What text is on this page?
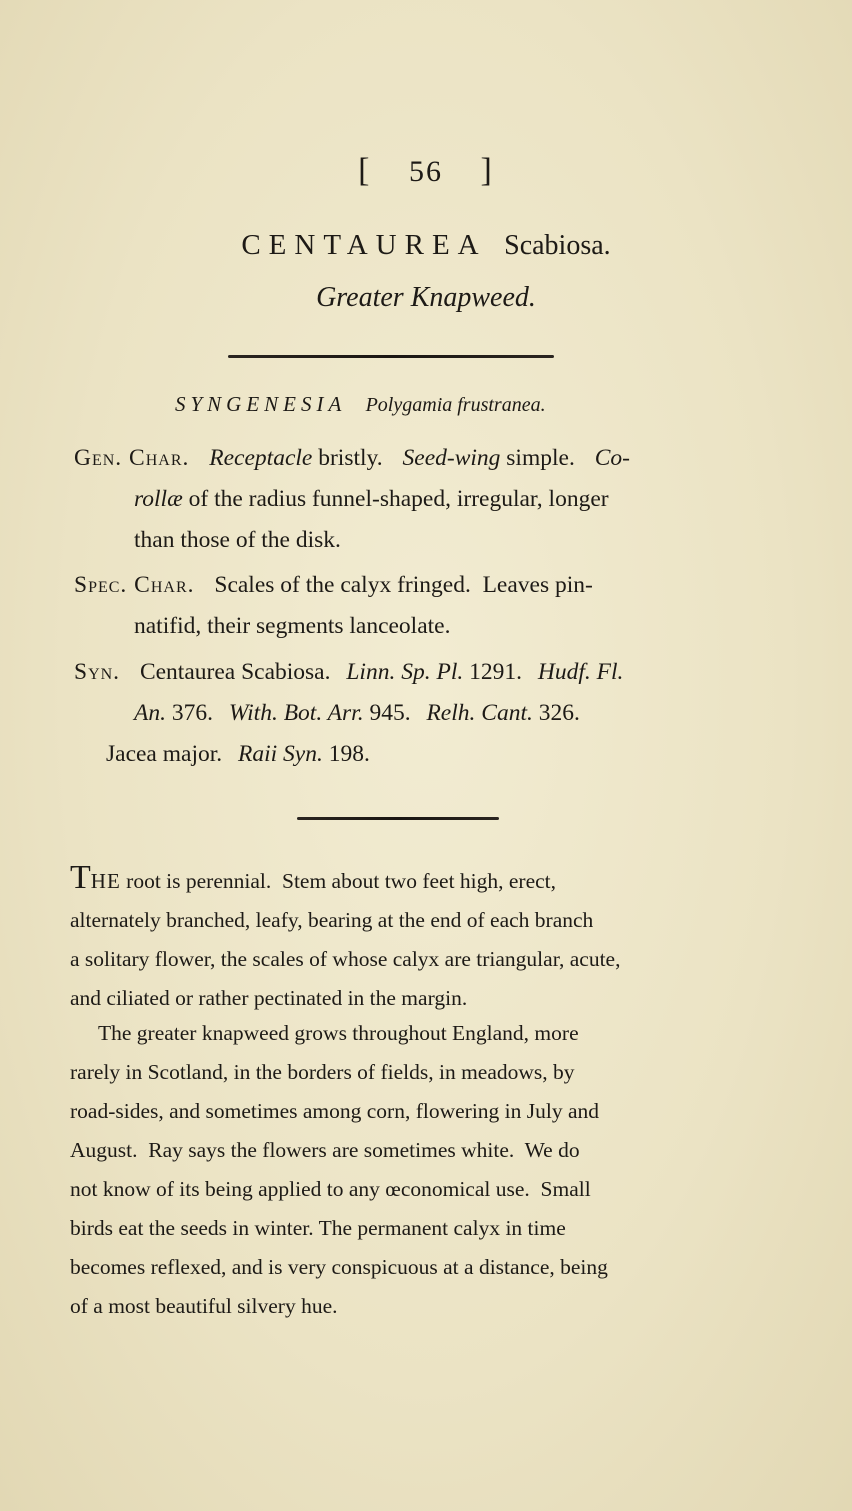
[ 56 ]
CENTAUREA Scabiosa.
Greater Knapweed.
SYNGENESIA Polygamia frustranea.
Gen. Char. Receptacle bristly. Seed-wing simple. Co-
rollæ of the radius funnel-shaped, irregular, longer
than those of the disk.
Spec. Char. Scales of the calyx fringed.  Leaves pin-
natifid, their segments lanceolate.
Syn. Centaurea Scabiosa. Linn. Sp. Pl. 1291. Hudf. Fl.
An. 376. With. Bot. Arr. 945. Relh. Cant. 326.
Jacea major. Raii Syn. 198.
THE root is perennial.  Stem about two feet high, erect,
alternately branched, leafy, bearing at the end of each branch
a solitary flower, the scales of whose calyx are triangular, acute,
and ciliated or rather pectinated in the margin.
The greater knapweed grows throughout England, more
rarely in Scotland, in the borders of fields, in meadows, by
road-sides, and sometimes among corn, flowering in July and
August.  Ray says the flowers are sometimes white.  We do
not know of its being applied to any œconomical use.  Small
birds eat the seeds in winter. The permanent calyx in time
becomes reflexed, and is very conspicuous at a distance, being
of a most beautiful silvery hue.
